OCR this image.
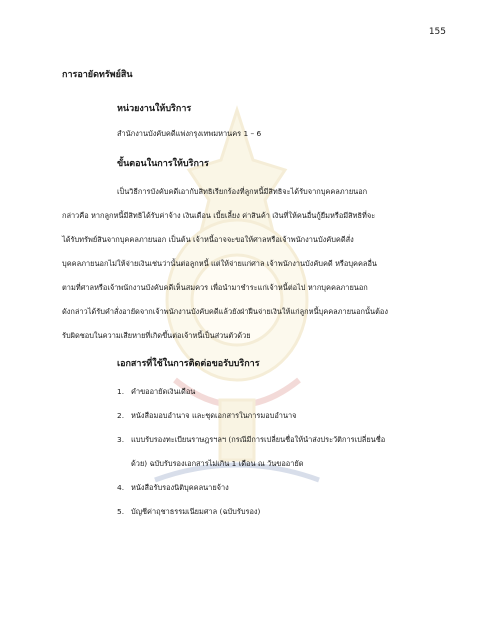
155
การอายัดทรัพย์สิน
หน่วยงานให้บริการ
สำนักงานบังคับคดีแพ่งกรุงเทพมหานคร 1 – 6
ขั้นตอนในการให้บริการ
เป็นวิธีการบังคับคดีเอากับสิทธิเรียกร้องที่ลูกหนี้มีสิทธิจะได้รับจากบุคคลภายนอก
กล่าวคือ หากลูกหนี้มีสิทธิได้รับค่าจ้าง เงินเดือน เบี้ยเลี้ยง ค่าสินค้า เงินที่ให้คนอื่นกู้ยืมหรือมีสิทธิที่จะ
ได้รับทรัพย์สินจากบุคคลภายนอก เป็นต้น เจ้าหนี้อาจจะขอให้ศาลหรือเจ้าพนักงานบังคับคดีสั่ง
บุคคลภายนอกไม่ให้จ่ายเงินเช่นว่านั้นต่อลูกหนี้ แต่ให้จ่ายแก่ศาล เจ้าพนักงานบังคับคดี หรือบุคคลอื่น
ตามที่ศาลหรือเจ้าพนักงานบังคับคดีเห็นสมควร เพื่อนำมาชำระแก่เจ้าหนี้ต่อไป หากบุคคลภายนอก
ดังกล่าวได้รับคำสั่งอายัดจากเจ้าพนักงานบังคับคดีแล้วยังฝ่าฝืนจ่ายเงินให้แก่ลูกหนี้บุคคลภายนอกนั้นต้อง
รับผิดชอบในความเสียหายที่เกิดขึ้นต่อเจ้าหนี้เป็นส่วนตัวด้วย
เอกสารที่ใช้ในการติดต่อขอรับบริการ
1. คำขออายัดเงินเดือน
2. หนังสือมอบอำนาจ และชุดเอกสารในการมอบอำนาจ
3. แบบรับรองทะเบียนราษฎรฯลฯ (กรณีมีการเปลี่ยนชื่อให้นำส่งประวัติการเปลี่ยนชื่อ
ด้วย) ฉบับรับรองเอกสารไม่เกิน 1 เดือน ณ วันขออายัด
4. หนังสือรับรองนิติบุคคลนายจ้าง
5. บัญชีค่าฤชาธรรมเนียมศาล (ฉบับรับรอง)
